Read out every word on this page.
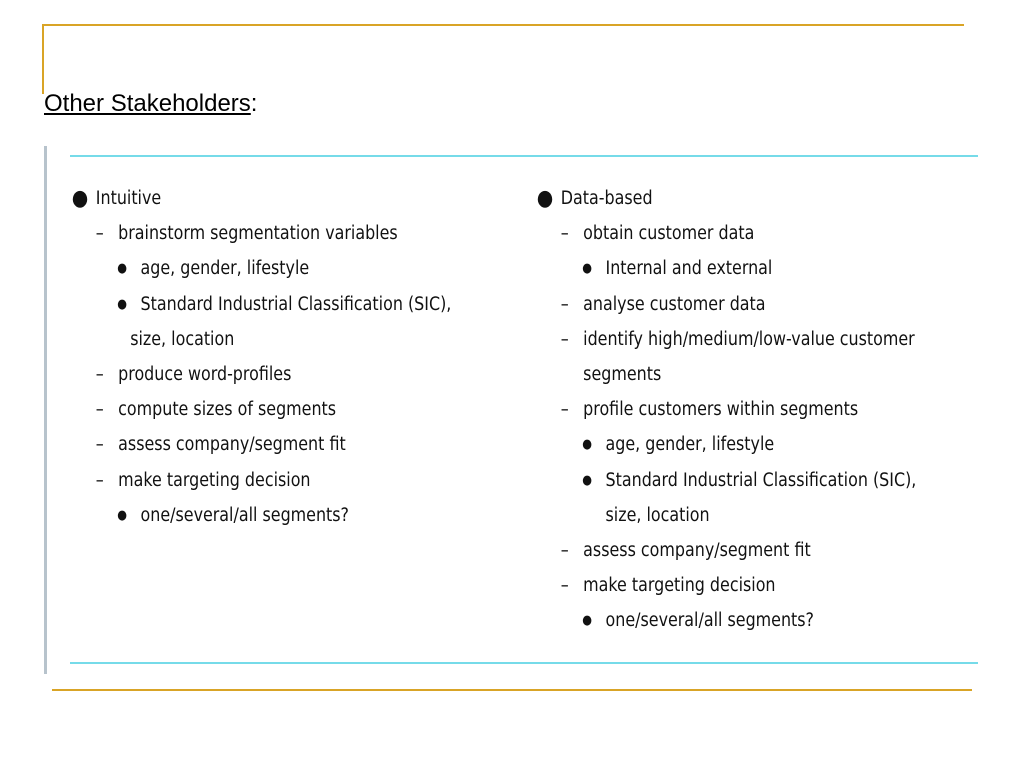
Other Stakeholders:
● Intuitive
– brainstorm segmentation variables
● age, gender, lifestyle
● Standard Industrial Classification (SIC),
size, location
– produce word-profiles
– compute sizes of segments
– assess company/segment fit
– make targeting decision
● one/several/all segments?
● Data-based
– obtain customer data
● Internal and external
– analyse customer data
– identify high/medium/low-value customer
segments
– profile customers within segments
● age, gender, lifestyle
● Standard Industrial Classification (SIC),
size, location
– assess company/segment fit
– make targeting decision
● one/several/all segments?
